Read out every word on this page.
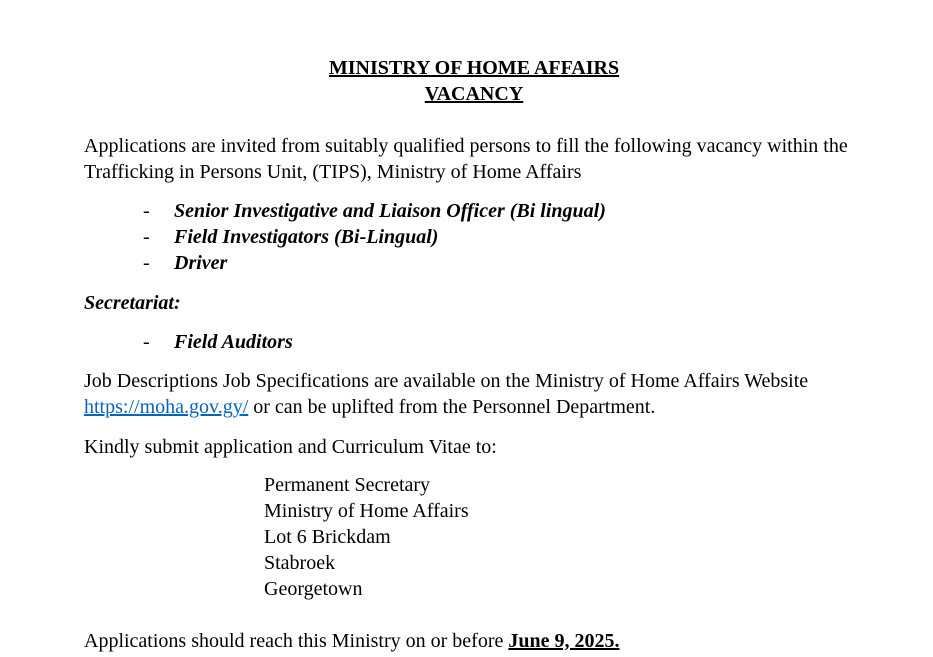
MINISTRY OF HOME AFFAIRS
VACANCY

Applications are invited from suitably qualified persons to fill the following vacancy within the Trafficking in Persons Unit, (TIPS), Ministry of Home Affairs

- Senior Investigative and Liaison Officer (Bi lingual)
- Field Investigators (Bi-Lingual)
- Driver
Secretariat:
- Field Auditors

Job Descriptions Job Specifications are available on the Ministry of Home Affairs Website https://moha.gov.gy/ or can be uplifted from the Personnel Department.

Kindly submit application and Curriculum Vitae to:

Permanent Secretary
Ministry of Home Affairs
Lot 6 Brickdam
Stabroek
Georgetown

Applications should reach this Ministry on or before June 9, 2025.
